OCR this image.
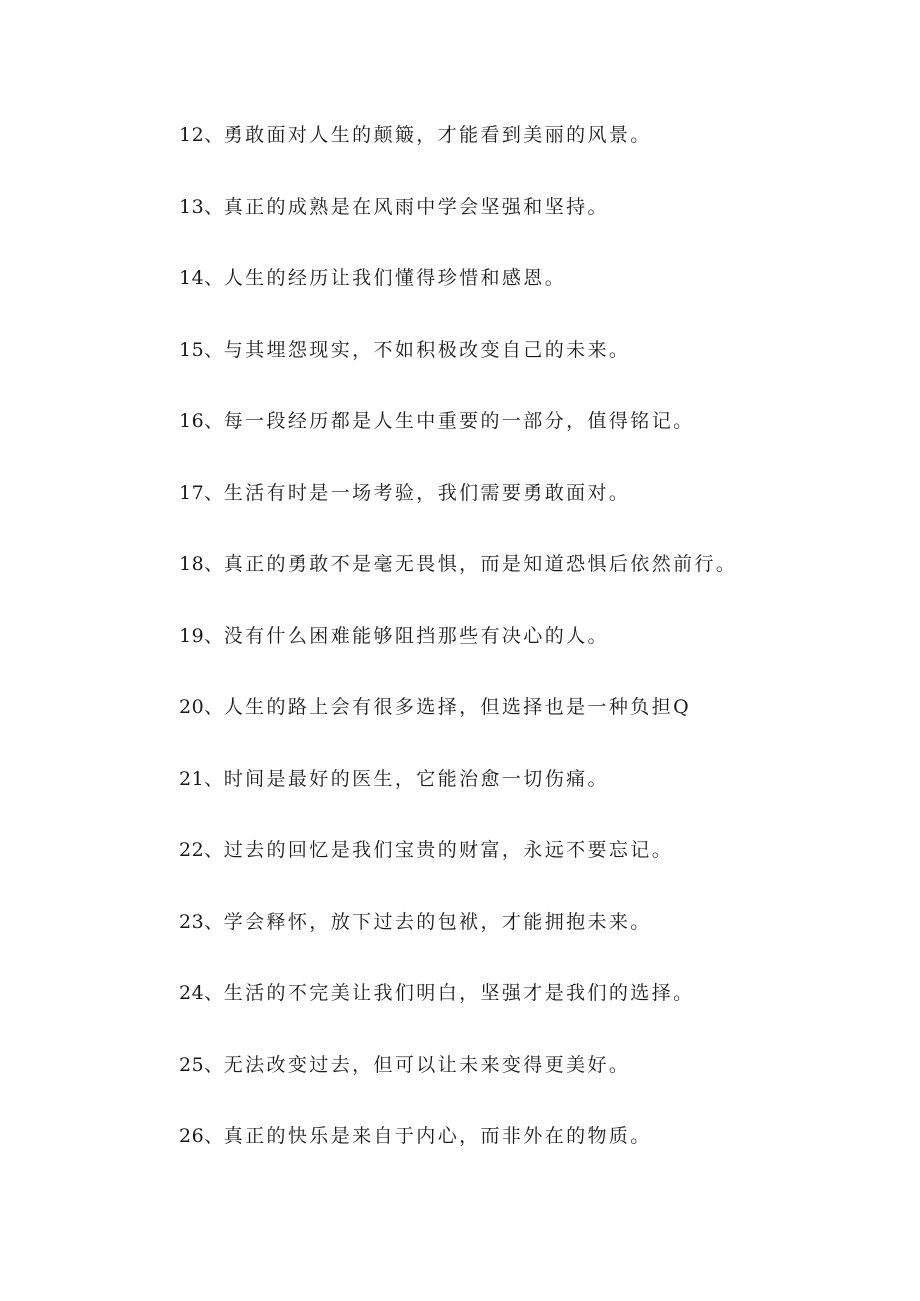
12、勇敢面对人生的颠簸，才能看到美丽的风景。
13、真正的成熟是在风雨中学会坚强和坚持。
14、人生的经历让我们懂得珍惜和感恩。
15、与其埋怨现实，不如积极改变自己的未来。
16、每一段经历都是人生中重要的一部分，值得铭记。
17、生活有时是一场考验，我们需要勇敢面对。
18、真正的勇敢不是毫无畏惧，而是知道恐惧后依然前行。
19、没有什么困难能够阻挡那些有决心的人。
20、人生的路上会有很多选择，但选择也是一种负担Q
21、时间是最好的医生，它能治愈一切伤痛。
22、过去的回忆是我们宝贵的财富，永远不要忘记。
23、学会释怀，放下过去的包袱，才能拥抱未来。
24、生活的不完美让我们明白，坚强才是我们的选择。
25、无法改变过去，但可以让未来变得更美好。
26、真正的快乐是来自于内心，而非外在的物质。
